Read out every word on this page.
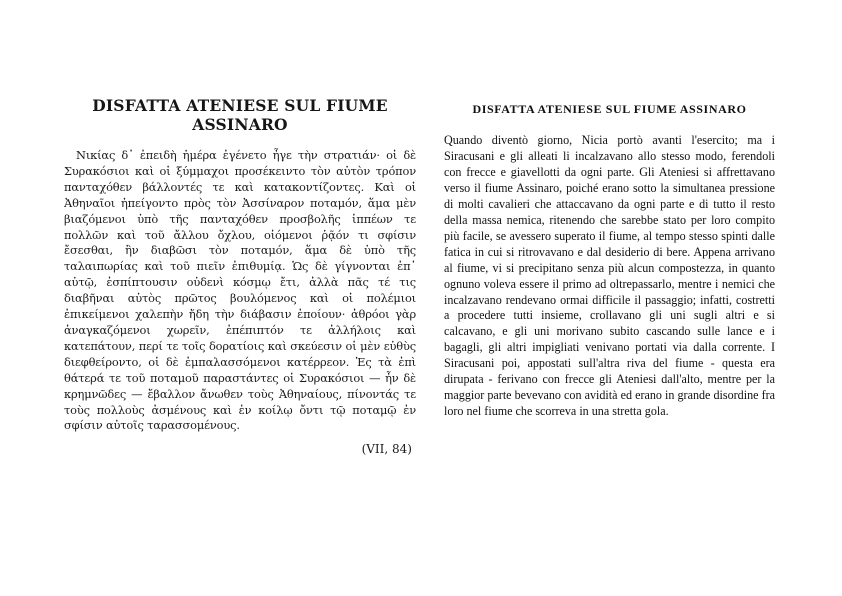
DISFATTA ATENIESE SUL FIUME ASSINARO

Νικίας δ᾽ ἐπειδὴ ἡμέρα ἐγένετο ἦγε τὴν στρατιάν· οἱ δὲ Συρακόσιοι καὶ οἱ ξύμμαχοι προσέκειντο τὸν αὐτὸν τρόπον πανταχόθεν βάλλοντές τε καὶ κατακοντίζοντες. Καὶ οἱ Ἀθηναῖοι ἠπείγοντο πρὸς τὸν Ἀσσίναρον ποταμόν, ἅμα μὲν βιαζόμενοι ὑπὸ τῆς πανταχόθεν προσβολῆς ἱππέων τε πολλῶν καὶ τοῦ ἄλλου ὄχλου, οἰόμενοι ῥᾷόν τι σφίσιν ἔσεσθαι, ἢν διαβῶσι τὸν ποταμόν, ἅμα δὲ ὑπὸ τῆς ταλαιπωρίας καὶ τοῦ πιεῖν ἐπιθυμίᾳ. Ὡς δὲ γίγνονται ἐπ᾽ αὐτῷ, ἐσπίπτουσιν οὐδενὶ κόσμῳ ἔτι, ἀλλὰ πᾶς τέ τις διαβῆναι αὐτὸς πρῶτος βουλόμενος καὶ οἱ πολέμιοι ἐπικείμενοι χαλεπὴν ἤδη τὴν διάβασιν ἐποίουν· ἀθρόοι γὰρ ἀναγκαζόμενοι χωρεῖν, ἐπέπιπτόν τε ἀλλήλοις καὶ κατεπάτουν, περί τε τοῖς δορατίοις καὶ σκεύεσιν οἱ μὲν εὐθὺς διεφθείροντο, οἱ δὲ ἐμπαλασσόμενοι κατέρρεον. Ἐς τὰ ἐπὶ θάτερά τε τοῦ ποταμοῦ παραστάντες οἱ Συρακόσιοι — ἦν δὲ κρημνῶδες — ἔβαλλον ἄνωθεν τοὺς Ἀθηναίους, πίνοντάς τε τοὺς πολλοὺς ἀσμένους καὶ ἐν κοίλῳ ὄντι τῷ ποταμῷ ἐν σφίσιν αὐτοῖς ταρασσομένους.

(VII, 84)
DISFATTA ATENIESE SUL FIUME ASSINARO

Quando diventò giorno, Nicia portò avanti l'esercito; ma i Siracusani e gli alleati li incalzavano allo stesso modo, ferendoli con frecce e giavellotti da ogni parte. Gli Ateniesi si affrettavano verso il fiume Assinaro, poiché erano sotto la simultanea pressione di molti cavalieri che attaccavano da ogni parte e di tutto il resto della massa nemica, ritenendo che sarebbe stato per loro compito più facile, se avessero superato il fiume, al tempo stesso spinti dalle fatica in cui si ritrovavano e dal desiderio di bere. Appena arrivano al fiume, vi si precipitano senza più alcun compostezza, in quanto ognuno voleva essere il primo ad oltrepassarlo, mentre i nemici che incalzavano rendevano ormai difficile il passaggio; infatti, costretti a procedere tutti insieme, crollavano gli uni sugli altri e si calcavano, e gli uni morivano subito cascando sulle lance e i bagagli, gli altri impigliati venivano portati via dalla corrente. I Siracusani poi, appostati sull'altra riva del fiume - questa era dirupata - ferivano con frecce gli Ateniesi dall'alto, mentre per la maggior parte bevevano con avidità ed erano in grande disordine fra loro nel fiume che scorreva in una stretta gola.
